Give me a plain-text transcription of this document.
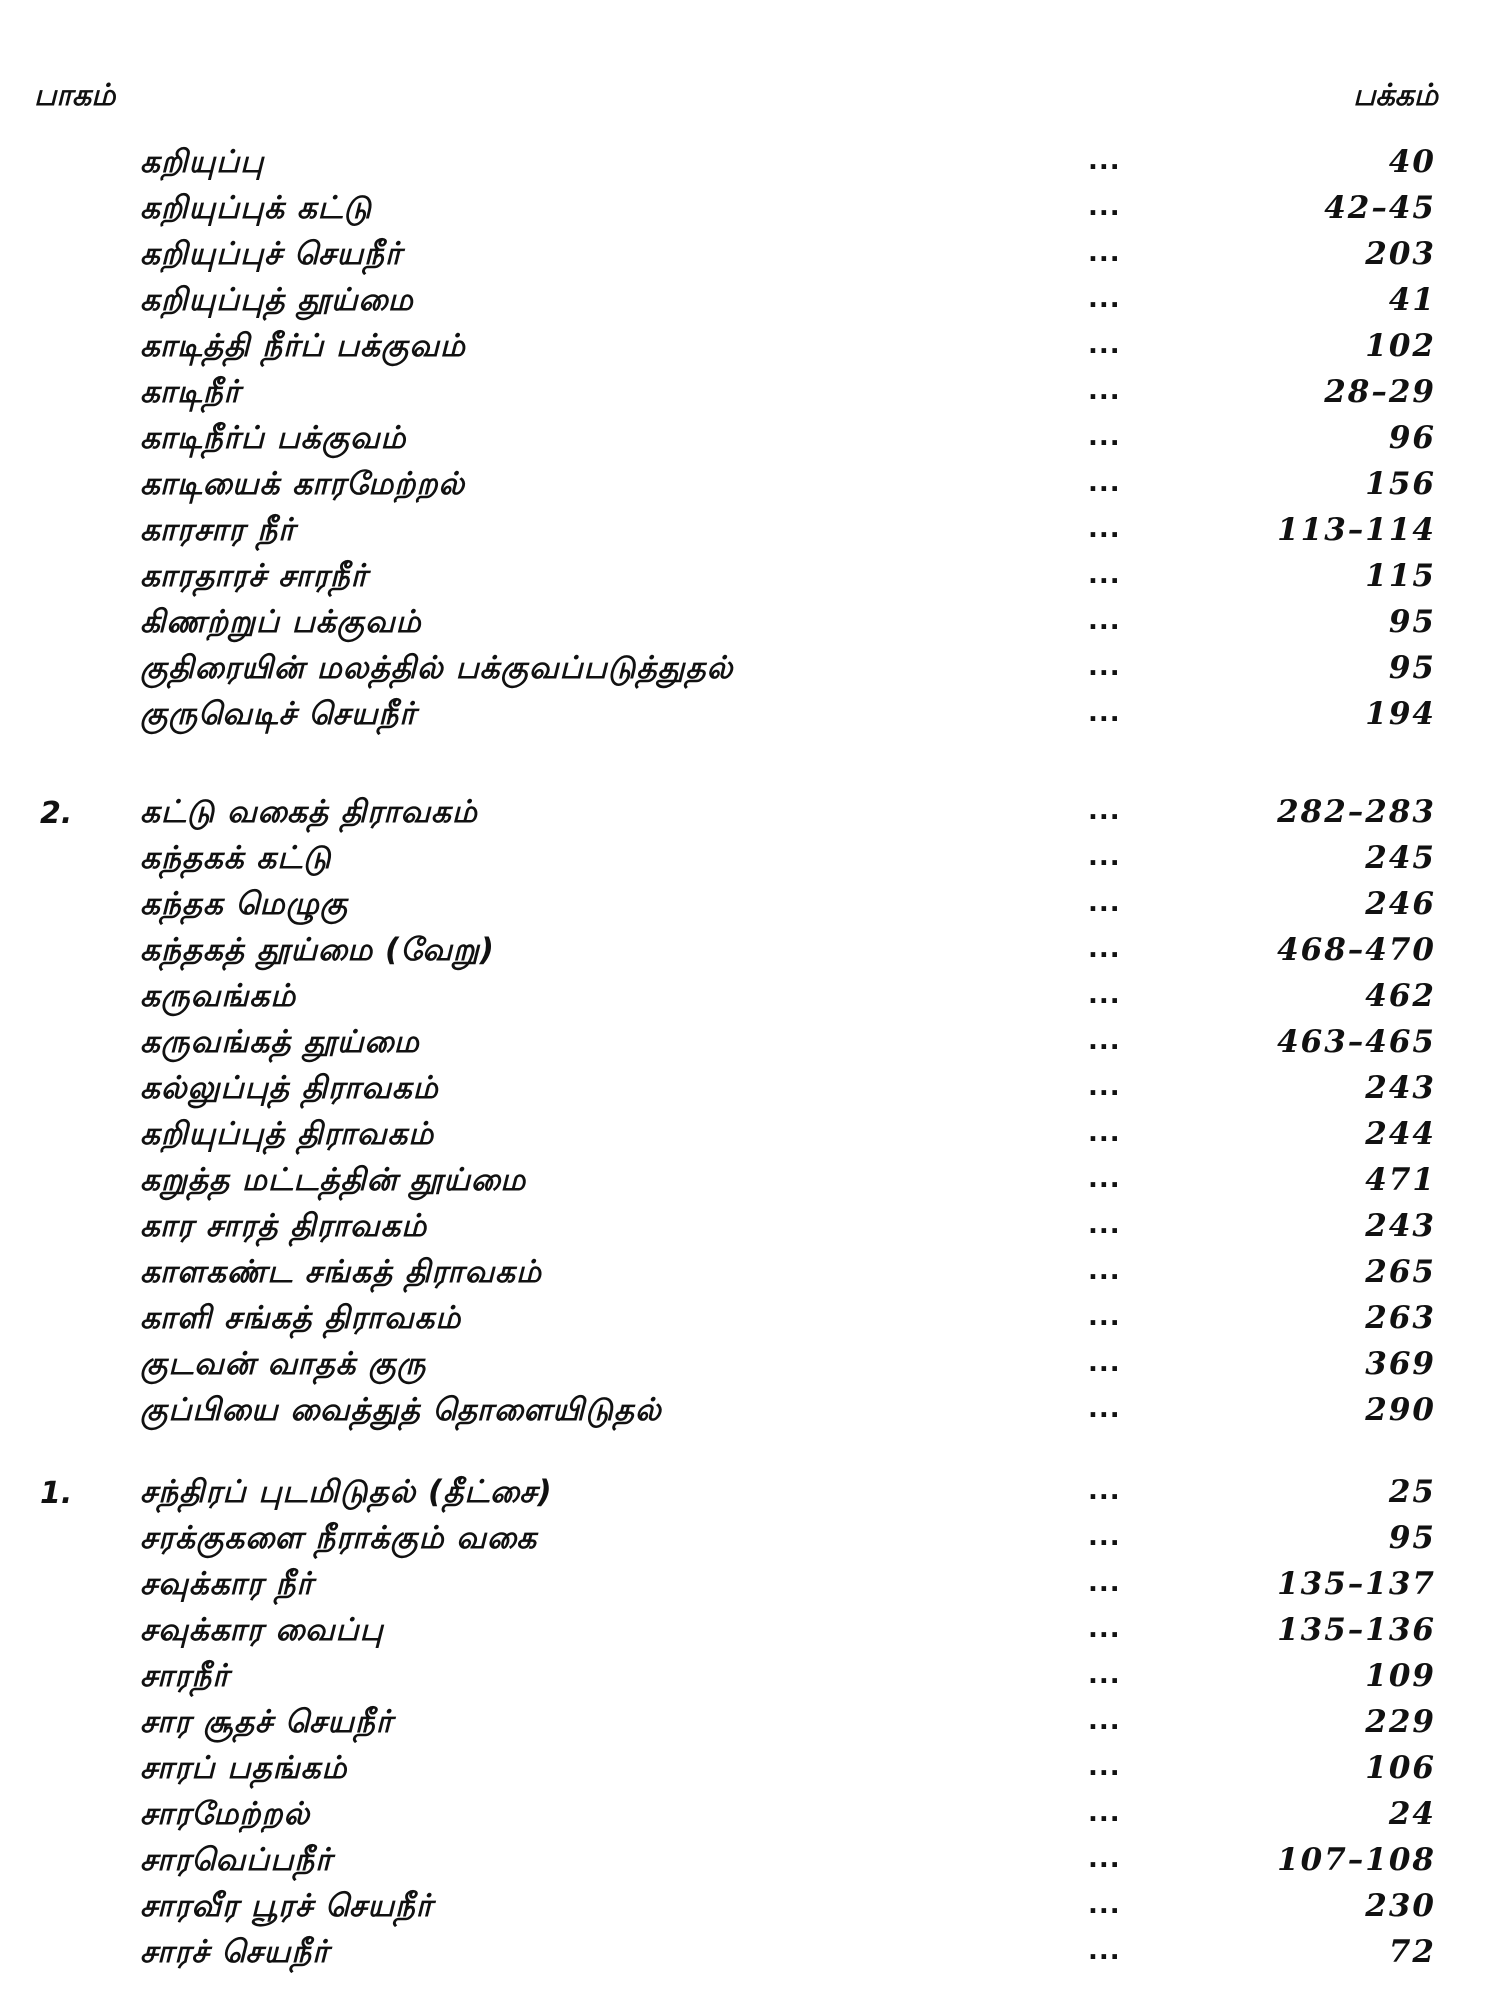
பாகம்	பக்கம்
கறியுப்பு	...	40
கறியுப்புக் கட்டு	...	42–45
கறியுப்புச் செயநீர்	...	203
கறியுப்புத் தூய்மை	...	41
காடித்தி நீர்ப் பக்குவம்	...	102
காடிநீர்	...	28–29
காடிநீர்ப் பக்குவம்	...	96
காடியைக் காரமேற்றல்	...	156
காரசார நீர்	...	113–114
காரதாரச் சாரநீர்	...	115
கிணற்றுப் பக்குவம்	...	95
குதிரையின் மலத்தில் பக்குவப்படுத்துதல்	...	95
குருவெடிச் செயநீர்	...	194
2. கட்டு வகைத் திராவகம்	...	282–283
கந்தகக் கட்டு	...	245
கந்தக மெழுகு	...	246
கந்தகத் தூய்மை (வேறு)	...	468–470
கருவங்கம்	...	462
கருவங்கத் தூய்மை	...	463–465
கல்லுப்புத் திராவகம்	...	243
கறியுப்புத் திராவகம்	...	244
கறுத்த மட்டத்தின் தூய்மை	...	471
கார சாரத் திராவகம்	...	243
காளகண்ட சங்கத் திராவகம்	...	265
காளி சங்கத் திராவகம்	...	263
குடவன் வாதக் குரு	...	369
குப்பியை வைத்துத் தொளையிடுதல்	...	290
1. சந்திரப் புடமிடுதல் (தீட்சை)	...	25
சரக்குகளை நீராக்கும் வகை	...	95
சவுக்கார நீர்	...	135–137
சவுக்கார வைப்பு	...	135–136
சாரநீர்	...	109
சார சூதச் செயநீர்	...	229
சாரப் பதங்கம்	...	106
சாரமேற்றல்	...	24
சாரவெப்பநீர்	...	107–108
சாரவீர பூரச் செயநீர்	...	230
சாரச் செயநீர்	...	72
